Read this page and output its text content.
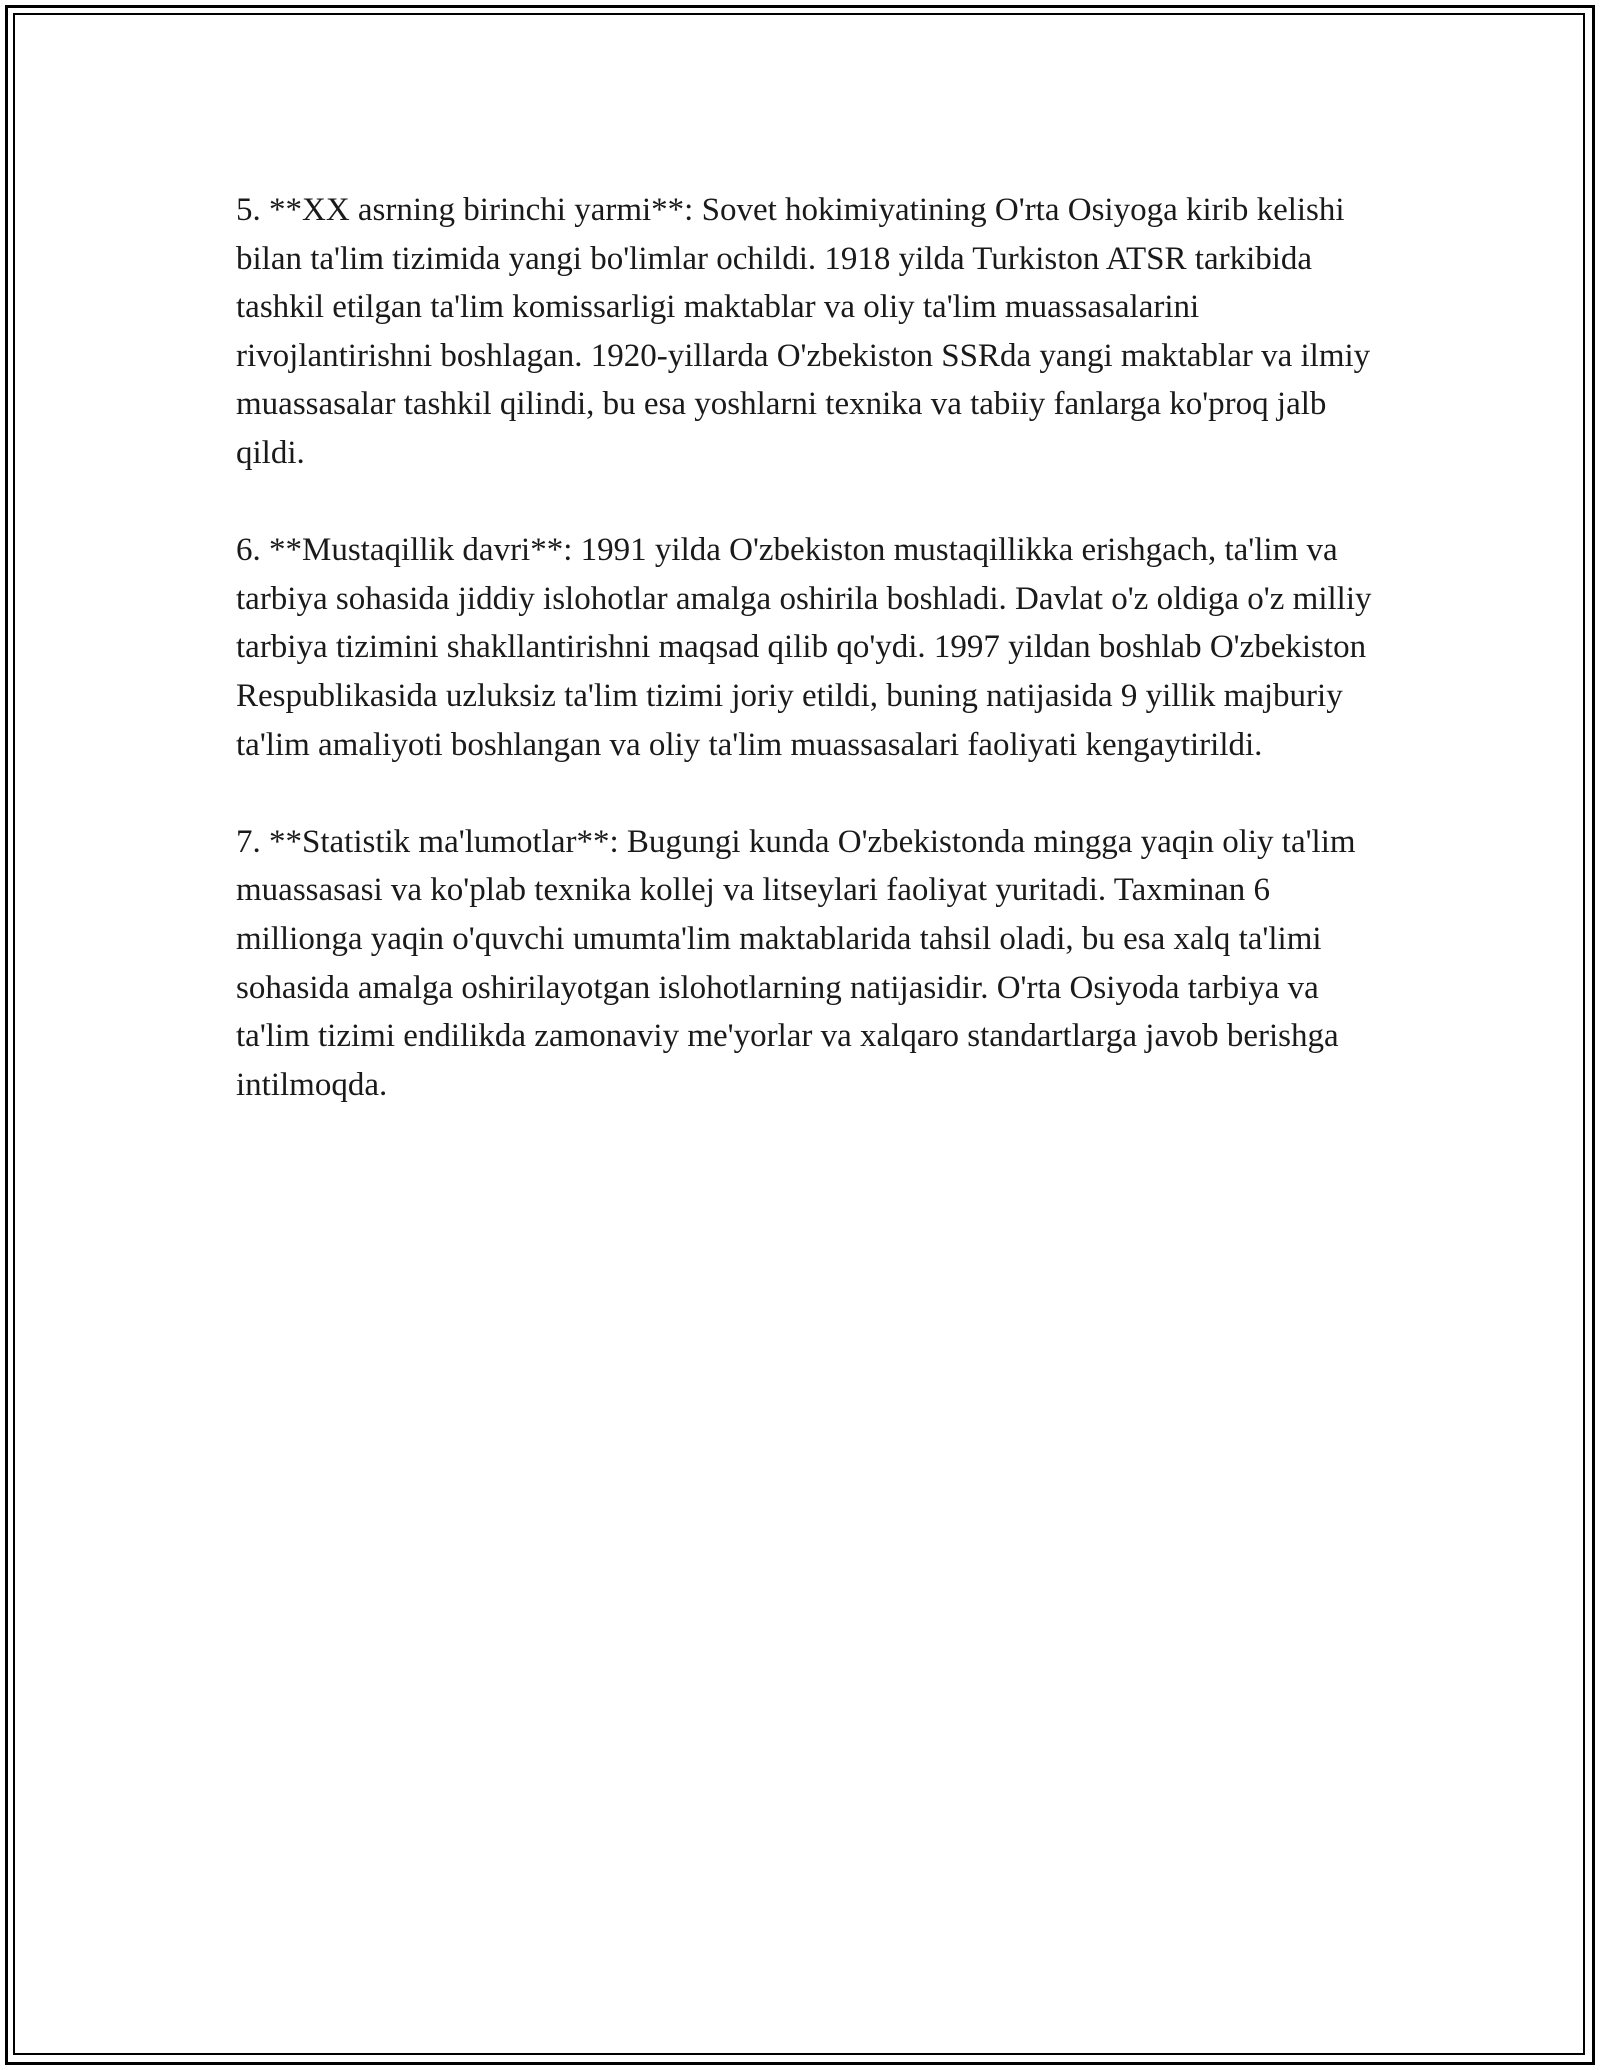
5. **XX asrning birinchi yarmi**: Sovet hokimiyatining O'rta Osiyoga kirib kelishi bilan ta'lim tizimida yangi bo'limlar ochildi. 1918 yilda Turkiston ATSR tarkibida tashkil etilgan ta'lim komissarligi maktablar va oliy ta'lim muassasalarini rivojlantirishni boshlagan. 1920-yillarda O'zbekiston SSRda yangi maktablar va ilmiy muassasalar tashkil qilindi, bu esa yoshlarni texnika va tabiiy fanlarga ko'proq jalb qildi.

6. **Mustaqillik davri**: 1991 yilda O'zbekiston mustaqillikka erishgach, ta'lim va tarbiya sohasida jiddiy islohotlar amalga oshirila boshladi. Davlat o'z oldiga o'z milliy tarbiya tizimini shakllantirishni maqsad qilib qo'ydi. 1997 yildan boshlab O'zbekiston Respublikasida uzluksiz ta'lim tizimi joriy etildi, buning natijasida 9 yillik majburiy ta'lim amaliyoti boshlangan va oliy ta'lim muassasalari faoliyati kengaytirildi.

7. **Statistik ma'lumotlar**: Bugungi kunda O'zbekistonda mingga yaqin oliy ta'lim muassasasi va ko'plab texnika kollej va litseylari faoliyat yuritadi. Taxminan 6 millionga yaqin o'quvchi umumta'lim maktablarida tahsil oladi, bu esa xalq ta'limi sohasida amalga oshirilayotgan islohotlarning natijasidir. O'rta Osiyoda tarbiya va ta'lim tizimi endilikda zamonaviy me'yorlar va xalqaro standartlarga javob berishga intilmoqda.
